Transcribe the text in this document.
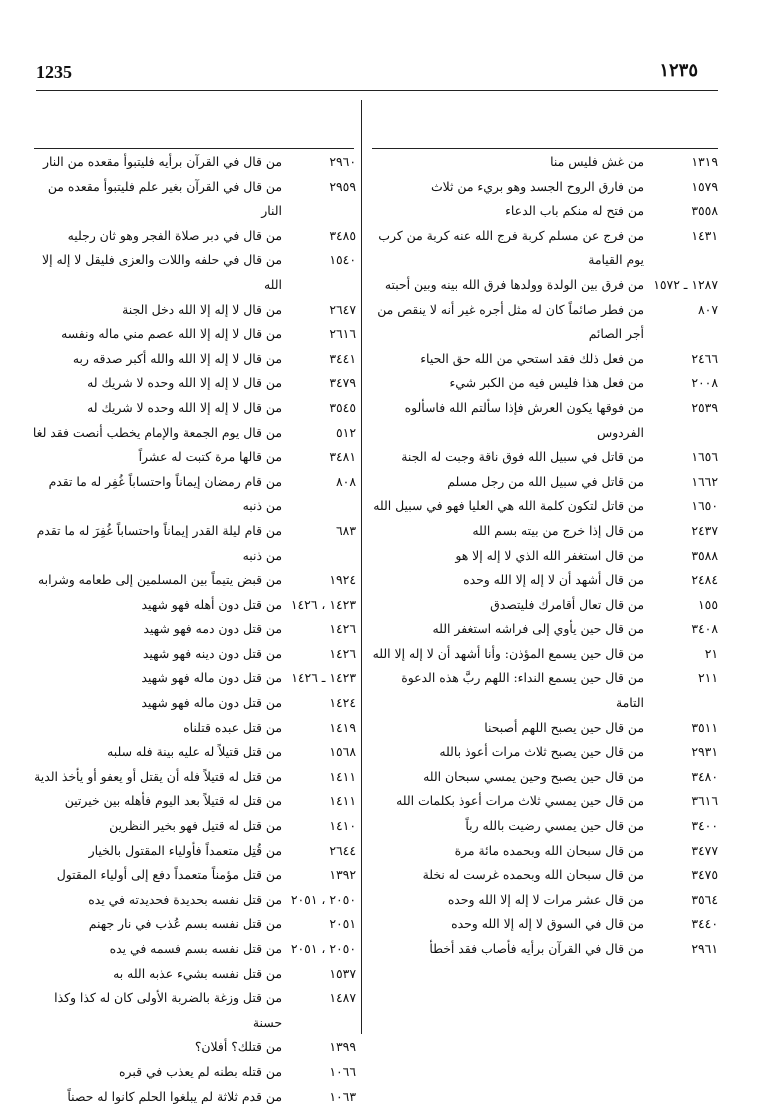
1235	١٢٣٥
١٣١٩
من غش فليس منا
١٥٧٩
من فارق الروح الجسد وهو بريء من ثلاث
٣٥٥٨
من فتح له منكم باب الدعاء
١٤٣١
من فرج عن مسلم كربة فرج الله عنه كربة من كرب يوم القيامة
١٢٨٧ ـ ١٥٧٢
من فرق بين الولدة وولدها فرق الله بينه وبين أحبته
٨٠٧
من فطر صائماً كان له مثل أجره غير أنه لا ينقص من أجر الصائم
٢٤٦٦
من فعل ذلك فقد استحي من الله حق الحياء
٢٠٠٨
من فعل هذا فليس فيه من الكبر شيء
٢٥٣٩
من فوقها يكون العرش فإذا سألتم الله فاسألوه الفردوس
١٦٥٦
من قاتل في سبيل الله فوق ناقة وجبت له الجنة
١٦٦٢
من قاتل في سبيل الله من رجل مسلم
١٦٥٠
من قاتل لتكون كلمة الله هي العليا فهو في سبيل الله
٢٤٣٧
من قال إذا خرج من بيته بسم الله
٣٥٨٨
من قال استغفر الله الذي لا إله إلا هو
٢٤٨٤
من قال أشهد أن لا إله إلا الله وحده
١٥٥
من قال تعال أقامرك فليتصدق
٣٤٠٨
من قال حين يأوي إلى فراشه استغفر الله
٢١
من قال حين يسمع المؤذن: وأنا أشهد أن لا إله إلا الله
٢١١
من قال حين يسمع النداء: اللهم ربَّ هذه الدعوة التامة
٣٥١١
من قال حين يصبح اللهم أصبحنا
٢٩٣١
من قال حين يصبح ثلاث مرات أعوذ بالله
٣٤٨٠
من قال حين يصبح وحين يمسي سبحان الله
٣٦١٦
من قال حين يمسي ثلاث مرات أعوذ بكلمات الله
٣٤٠٠
من قال حين يمسي رضيت بالله رباً
٣٤٧٧
من قال سبحان الله وبحمده مائة مرة
٣٤٧٥
من قال سبحان الله وبحمده غرست له نخلة
٣٥٦٤
من قال عشر مرات لا إله إلا الله وحده
٣٤٤٠
من قال في السوق لا إله إلا الله وحده
٢٩٦١
من قال في القرآن برأيه فأصاب فقد أخطأ
٢٩٦٠
من قال في القرآن برأيه فليتبوأ مقعده من النار
٢٩٥٩
من قال في القرآن بغير علم فليتبوأ مقعده من النار
٣٤٨٥
من قال في دبر صلاة الفجر وهو ثان رجليه
١٥٤٠
من قال في حلفه واللات والعزى فليقل لا إله إلا الله
٢٦٤٧
من قال لا إله إلا الله دخل الجنة
٢٦١٦
من قال لا إله إلا الله عصم مني ماله ونفسه
٣٤٤١
من قال لا إله إلا الله والله أكبر صدقه ربه
٣٤٧٩
من قال لا إله إلا الله وحده لا شريك له
٣٥٤٥
من قال لا إله إلا الله وحده لا شريك له
٥١٢
من قال يوم الجمعة والإمام يخطب أنصت فقد لغا
٣٤٨١
من قالها مرة كتبت له عشراً
٨٠٨
من قام رمضان إيماناً واحتساباً غُفِر له ما تقدم من ذنبه
٦٨٣
من قام ليلة القدر إيماناً واحتساباً غُفِرَ له ما تقدم من ذنبه
١٩٢٤
من قبض يتيماً بين المسلمين إلى طعامه وشرابه
١٤٢٣ ، ١٤٢٦
من قتل دون أهله فهو شهيد
١٤٢٦
من قتل دون دمه فهو شهيد
١٤٢٦
من قتل دون دينه فهو شهيد
١٤٢٣ ـ ١٤٢٦
من قتل دون ماله فهو شهيد
١٤٢٤
من قتل دون ماله فهو شهيد
١٤١٩
من قتل عبده قتلناه
١٥٦٨
من قتل قتيلاً له عليه بينة فله سلبه
١٤١١
من قتل له قتيلاً فله أن يقتل أو يعفو أو يأخذ الدية
١٤١١
من قتل له قتيلاً بعد اليوم فأهله بين خيرتين
١٤١٠
من قتل له قتيل فهو بخير النظرين
٢٦٤٤
من قُتِل متعمداً فأولياء المقتول بالخيار
١٣٩٢
من قتل مؤمناً متعمداً دفع إلى أولياء المقتول
٢٠٥٠ ، ٢٠٥١
من قتل نفسه بحديدة فحديدته في يده
٢٠٥١
من قتل نفسه بسم عُذب في نار جهنم
٢٠٥٠ ، ٢٠٥١
من قتل نفسه بسم فسمه في يده
١٥٣٧
من قتل نفسه بشيء عذبه الله به
١٤٨٧
من قتل وزغة بالضربة الأولى كان له كذا وكذا حسنة
١٣٩٩
من قتلك؟ أفلان؟
١٠٦٦
من قتله بطنه لم يعذب في قبره
١٠٦٣
من قدم ثلاثة لم يبلغوا الحلم كانوا له حصناً
